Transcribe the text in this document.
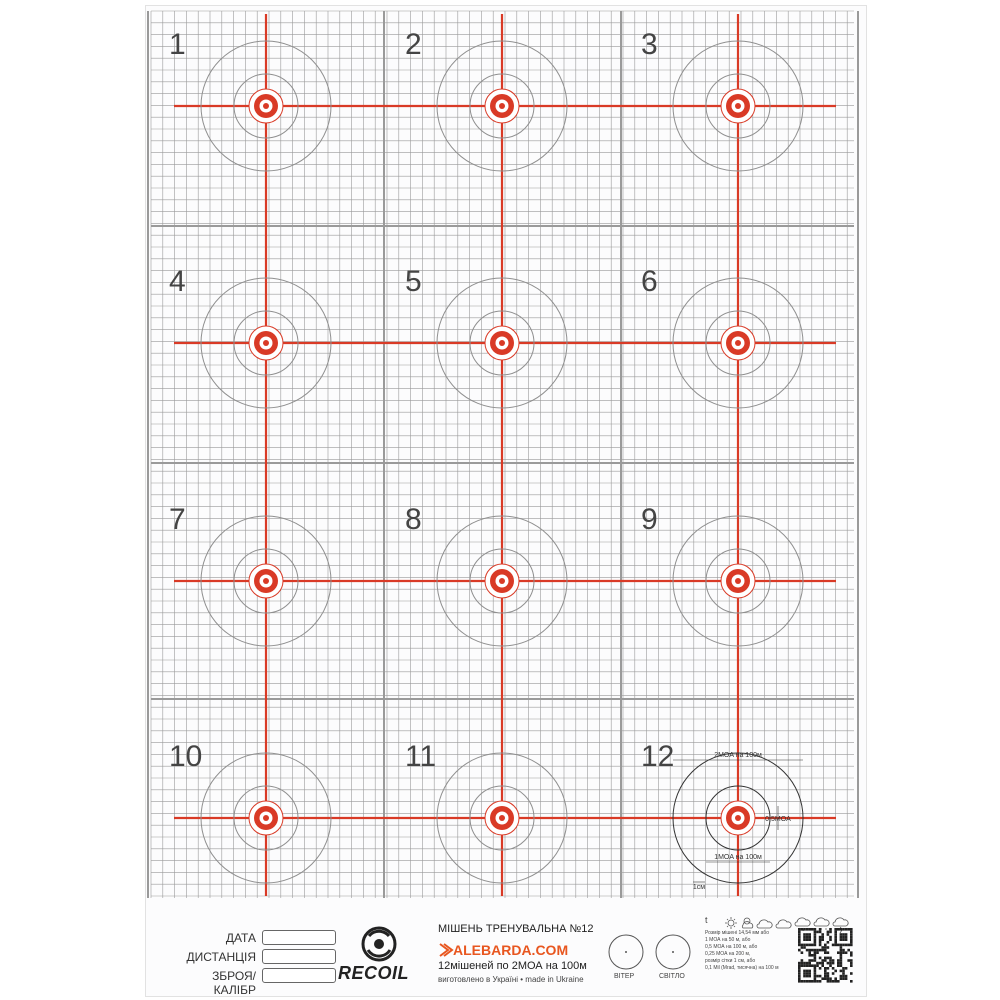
1	2	3
4	5	6
7	8	9
10	11	12	2MOA на 100м
1MOA на 100м
0,5MOA
1см
ДАТА
ДИСТАНЦІЯ
ЗБРОЯ/КАЛІБР
RECOIL
МІШЕНЬ ТРЕНУВАЛЬНА №12
ALEBARDA.COM
12мішеней по 2МОА на 100м
виготовлено в Україні • made in Ukraine	ВІТЕР	СВІТЛО
t
Розмір мішені 14,54 мм або
1 МОА на 50 м, або
0,5 МОА на 100 м, або
0,25 МОА на 200 м,
розмір сітки 1 см, або
0,1 Mil (Mrad, тисячна) на 100 м
